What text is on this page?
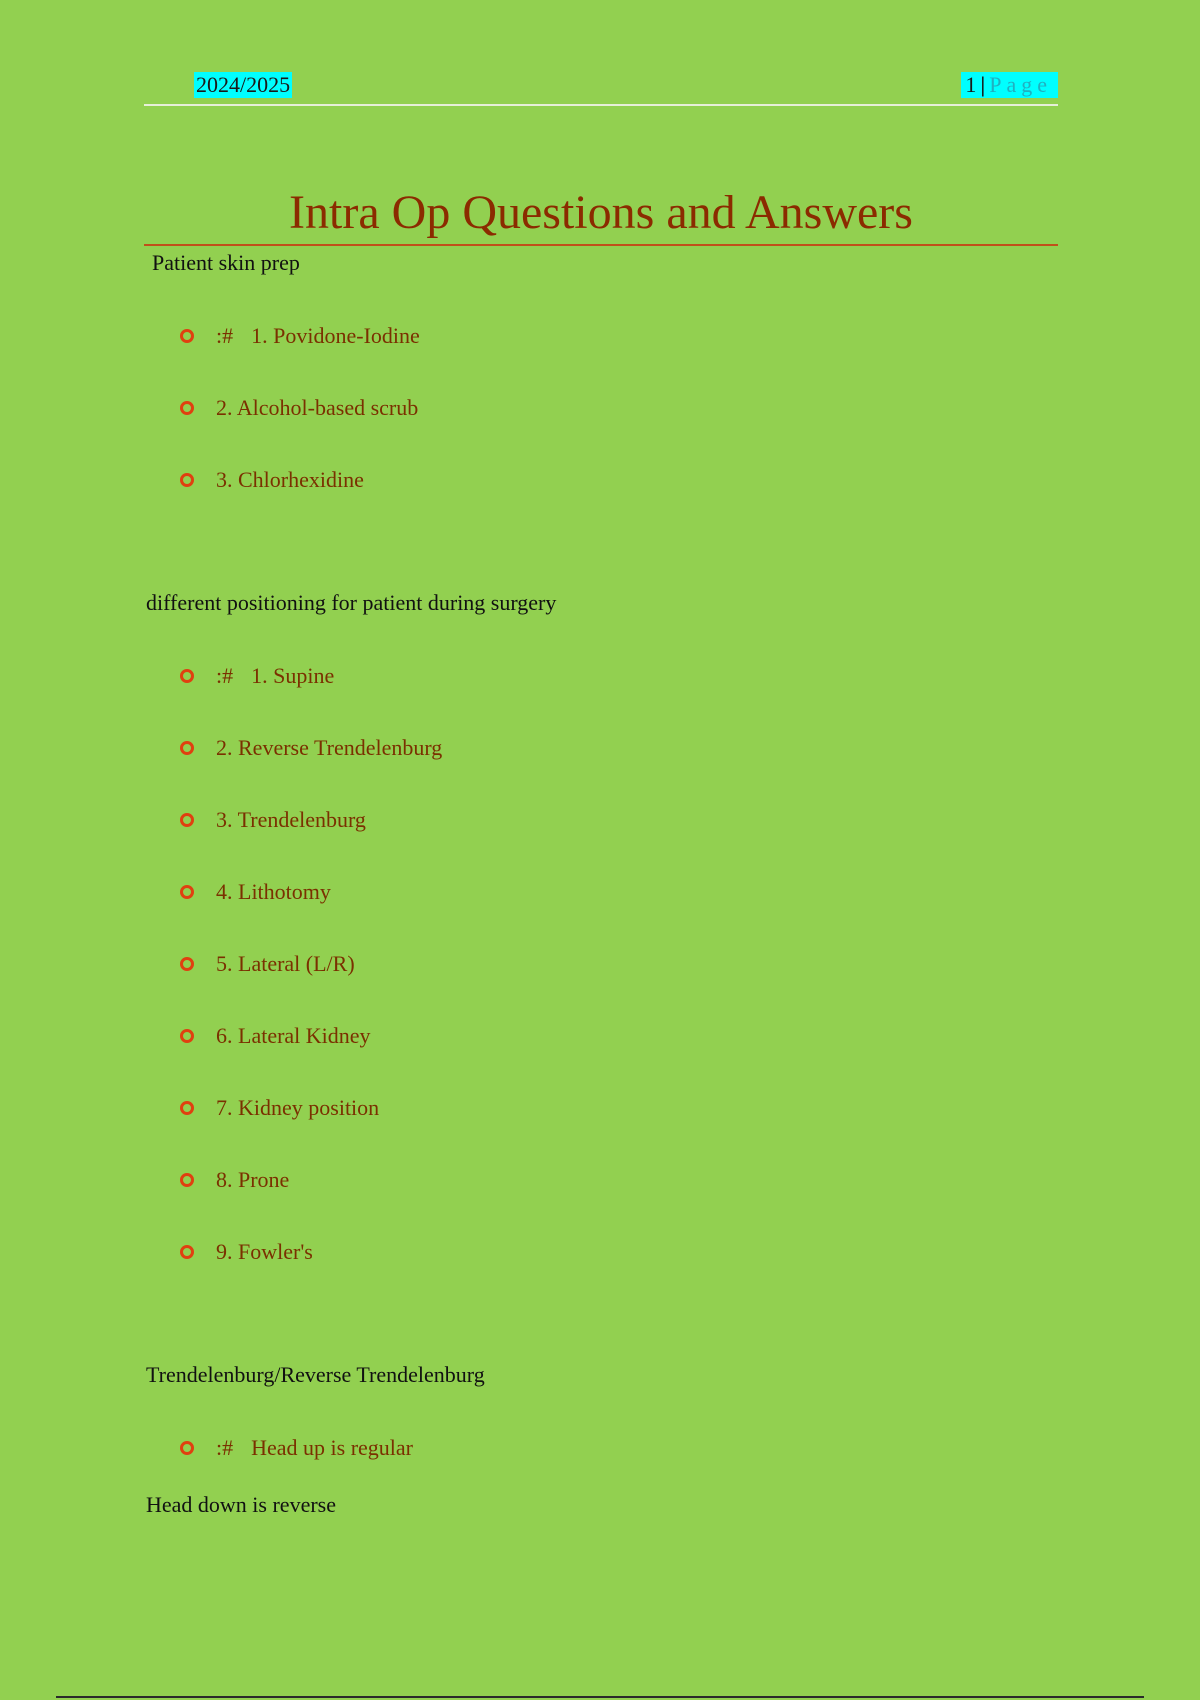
2024/2025	1 | Page
Intra Op Questions and Answers

Patient skin prep

:# 1. Povidone-Iodine
2. Alcohol-based scrub
3. Chlorhexidine

different positioning for patient during surgery

:# 1. Supine
2. Reverse Trendelenburg
3. Trendelenburg
4. Lithotomy
5. Lateral (L/R)
6. Lateral Kidney
7. Kidney position
8. Prone
9. Fowler's

Trendelenburg/Reverse Trendelenburg

:# Head up is regular

Head down is reverse
